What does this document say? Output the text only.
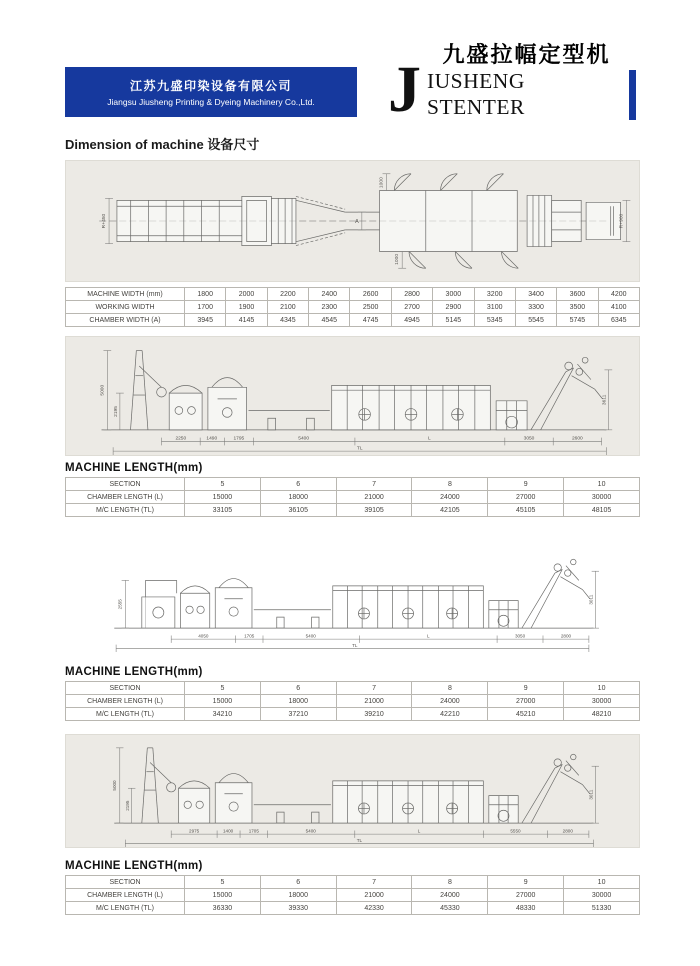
江苏九盛印染设备有限公司
Jiangsu Jiusheng Printing & Dyeing Machinery Co.,Ltd. J 九盛拉幅定型机
IUSHENG STENTER
Dimension of machine 设备尺寸
R+450
1000
1000
A	R+900
MACHINE WIDTH (mm)	1800	2000	2200	2400	2600	2800	3000	3200	3400	3600	4200
WORKING WIDTH	1700	1900	2100	2300	2500	2700	2900	3100	3300	3500	4100
CHAMBER WIDTH (A)	3945	4145	4345	4545	4745	4945	5145	5345	5545	5745	6345
5000
2195
3611
2250	1490	1795	5400	L	3050	2600
TL
MACHINE LENGTH(mm)
SECTION	5	6	7	8	9	10
CHAMBER LENGTH (L)	15000	18000	21000	24000	27000	30000
M/C LENGTH (TL)	33105	36105	39105	42105	45105	48105
2555	3011
4050	1705	5400	L	3050	2800
TL
MACHINE LENGTH(mm)
SECTION	5	6	7	8	9	10
CHAMBER LENGTH (L)	15000	18000	21000	24000	27000	30000
M/C LENGTH (TL)	34210	37210	39210	42210	45210	48210
5000
2195
3011
2975	1400	1705	5400	L	5550	2800
TL
MACHINE LENGTH(mm)
SECTION	5	6	7	8	9	10
CHAMBER LENGTH (L)	15000	18000	21000	24000	27000	30000
M/C LENGTH (TL)	36330	39330	42330	45330	48330	51330
